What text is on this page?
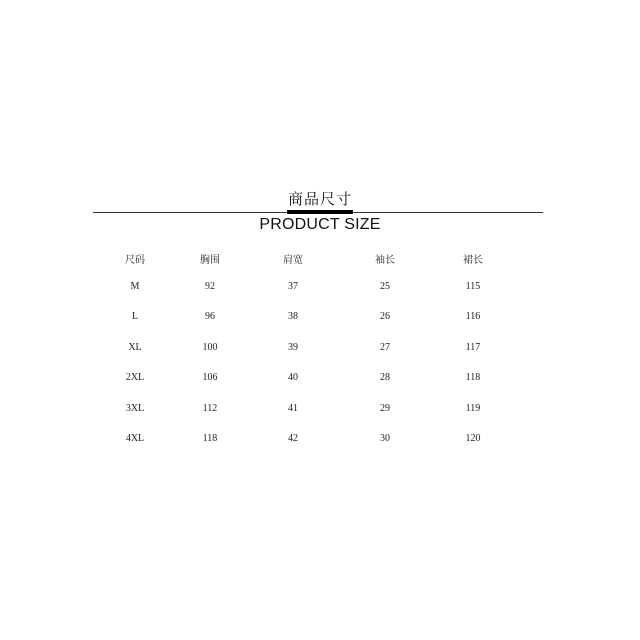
商品尺寸
PRODUCT SIZE
尺码	胸围	肩宽	袖长	裙长
M	92	37	25	115
L	96	38	26	116
XL	100	39	27	117
2XL	106	40	28	118
3XL	112	41	29	119
4XL	118	42	30	120
